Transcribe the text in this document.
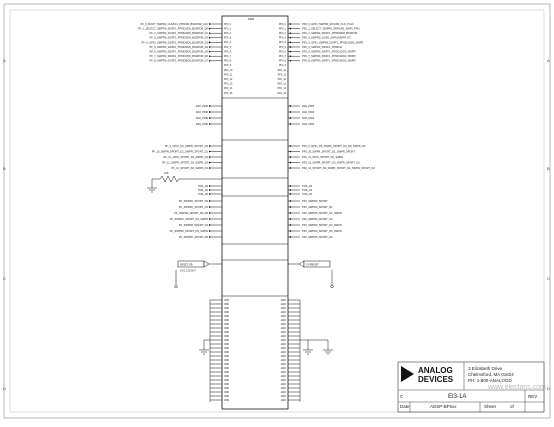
A
B
C
D
A
B
C
D
PWR
PF_0_BOOT_SWPR0_CLK/FF1_PPI0/D0_BSDPOR_CLK
PF_1_SELECT_SWPR0_D0/FF1_PPI0D1/D0_BSDPOR_D0
PF_2_SWPR0_D1/FF1_PPI0D2/D0_BSDPOR_D1
PF_3_SWPR0_D2/FF1_PPI0D3/D0_BSDPOR_D2
PF_4_GPIO_SWPR0_D3/FF1_PPI0D4/D0_BSDPOR_D3
PF_5_SWPR0_D4/FF1_PPI0D5/D0_BSDPOR_D4
PF_6_SWPR0_D5/FF1_PPI0D6/D0_BSDPOR_D5
PF_7_SWPR0_D6/FF1_PPI0D7/D0_BSDPOR_D6
PF_8_SWPR0_D7/FF1_PPI0D8/D0_BSDPOR_D7
PF0_0
PF0_1
PF0_2
PF0_3
PF0_4
PF0_5
PF0_6
PF0_7
PF0_8
PF0_9
PF0_10
PF0_11
PF0_12
PF0_13
PF0_14
PF0_15
PF0_0_GPIO_SWPR0_RCS/D0_CLK_PUL0
PF0_1_SELECT_SWPR0_SRFS/D0_SHR0_PPI0
PF0_2_SWPR0_D0/FF1_PPI0D9/D0_BSDPOR
PF0_3_SWPR0_D1/D0_SHR0/SWPR_D0
PF0_4_GPIO_SWPR0_D2/FF1_PPI0D10/D0_SWPR
PF0_5_SWPR0_D3/FF1_PPI0D11
PF0_6_SWPR0_D4/FF1_PPI0D12/D0_SWPR
PF0_7_SWPR0_D5/FF1_PPI0D13/D0_SWPR
PF0_8_SWPR0_D6/FF1_PPI0D14/D0_SWPR
PF0_0
PF0_1
PF0_2
PF0_3
PF0_4
PF0_5
PF0_6
PF0_7
PF0_8
PF0_9
PF0_10
PF0_11
PF0_12
PF0_13
PF0_14
PF0_15
DA0_PRI0
DA0_PRI0
DA0_PRI0
DA0_PRI0
DA0_PRI0
DA0_PRI0
DA0_PRI0
DA0_PRI0
PF_9_GPIO_D0_SWPR_SPORT_D0
PF_10_SWPR_SPORT_D1_SWPR_SPORT_D1
PF_11_GPIO_SPORT_D2_SWPR_D2
PF_12_SWPR_SPORT_D3_SWPR_D3
PF_13_SPORT_D4_SWPR_D4
PF0_9_GPIO_D0_SWPR_SPORT_D0_D0_SWPR_D0
PF0_10_SWPR_SPORT_D1_SWPR_SPORT
PF0_11_GPIO_SPORT_D2_SWPR
PF0_12_SWPR_SPORT_D3_SWPR_SPORT_D3
PF0_13_SPORT_D4_SWPR_SPORT_D4_SWPR_SPORT_D4
TMS_A0
TMS_A0
TMS_A0
TMS_A0
TMS_A0
TMS_A0
PF_SWPR0_SPORT_D0
PF_SWPR0_SPORT_D1
PF_SWPR0_SPORT_D2_D0
PF_SWPR0_SPORT_D3_SWPR
PF_SWPR0_SPORT_D4
PF_SWPR0_SPORT_D5_SWPR
PF_SWPR0_SPORT_D6
PF0_SWPR0_SPORT
PF0_SWPR0_SPORT_D1
PF0_SWPR0_SPORT_D2_SWPR
PF0_SWPR0_SPORT_D3
PF0_SWPR0_SPORT_D4_SWPR
PF0_SWPR0_SPORT_D5_SWPR
PF0_SWPR0_SPORT_D6
VDD
VDD
VDD
VDD
VDD
VDD
VDD
VDD
VDD
VDD
VDD
VDD
VDD
VDD
VDD
VDD
VDD
VDD
VDD
VDD
VDD
VDD
VDD
VDD
VDD
VDD
GND
GND
GND
GND
GND
GND
GND
GND
GND
GND
GND
GND
GND
GND
GND
GND
GND
GND
GND
GND
GND
GND
GND
GND
GND
GND
10K
RESET_PB
SYS_CLKOUT
SYSRESET
ANALOG
DEVICES
3 Elizabeth Drive
Chelmsford, MA 01824
PH: 1-800-ANALOGD
EI3-1A
ADSP-BF5xx
Date	Sheet	of
REV
C
www.elecfans.com
